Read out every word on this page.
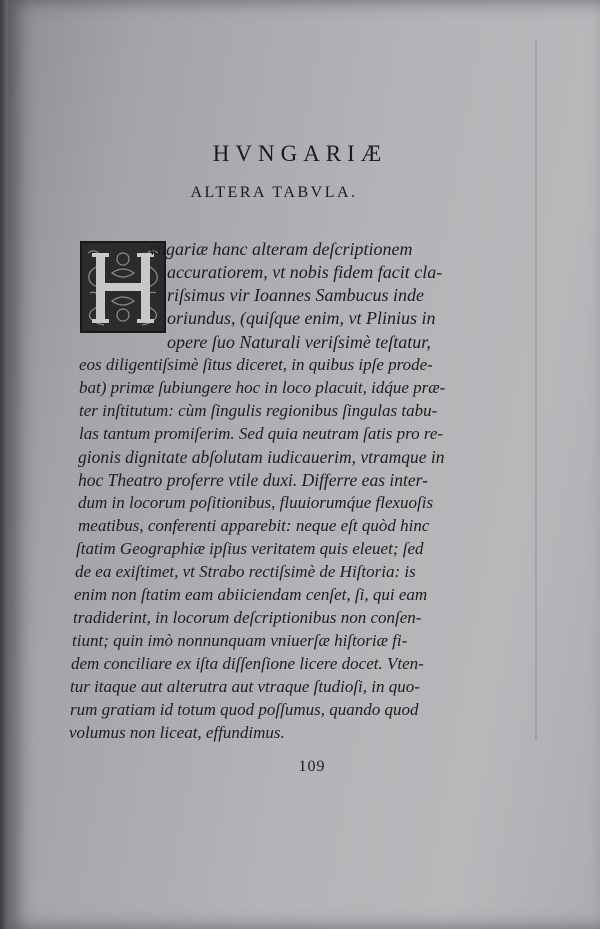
HVNGARIÆ
ALTERA TABVLA.
vngariæ hanc alteram deſcriptionem
accuratiorem, vt nobis fidem facit cla-
riſsimus vir Ioannes Sambucus inde
oriundus, (quiſque enim, vt Plinius in
opere ſuo Naturali veriſsimè teſtatur,
eos diligentiſsimè ſitus diceret, in quibus ipſe prode-
bat) primæ ſubiungere hoc in loco placuit, idq́ue præ-
ter inſtitutum: cùm ſingulis regionibus ſingulas tabu-
las tantum promiſerim. Sed quia neutram ſatis pro re-
gionis dignitate abſolutam iudicauerim, vtramque in
hoc Theatro proferre vtile duxi. Differre eas inter-
dum in locorum poſitionibus, fluuiorumq́ue flexuoſis
meatibus, conferenti apparebit: neque eſt quòd hinc
ſtatim Geographiæ ipſius veritatem quis eleuet; ſed
de ea exiſtimet, vt Strabo rectiſsimè de Hiſtoria: is
enim non ſtatim eam abiiciendam cenſet, ſi, qui eam
tradiderint, in locorum deſcriptionibus non conſen-
tiunt; quin imò nonnunquam vniuerſæ hiſtoriæ fi-
dem conciliare ex iſta diſſenſione licere docet. Vten-
tur itaque aut alterutra aut vtraque ſtudioſi, in quo-
rum gratiam id totum quod poſſumus, quando quod
volumus non liceat, effundimus.
109
